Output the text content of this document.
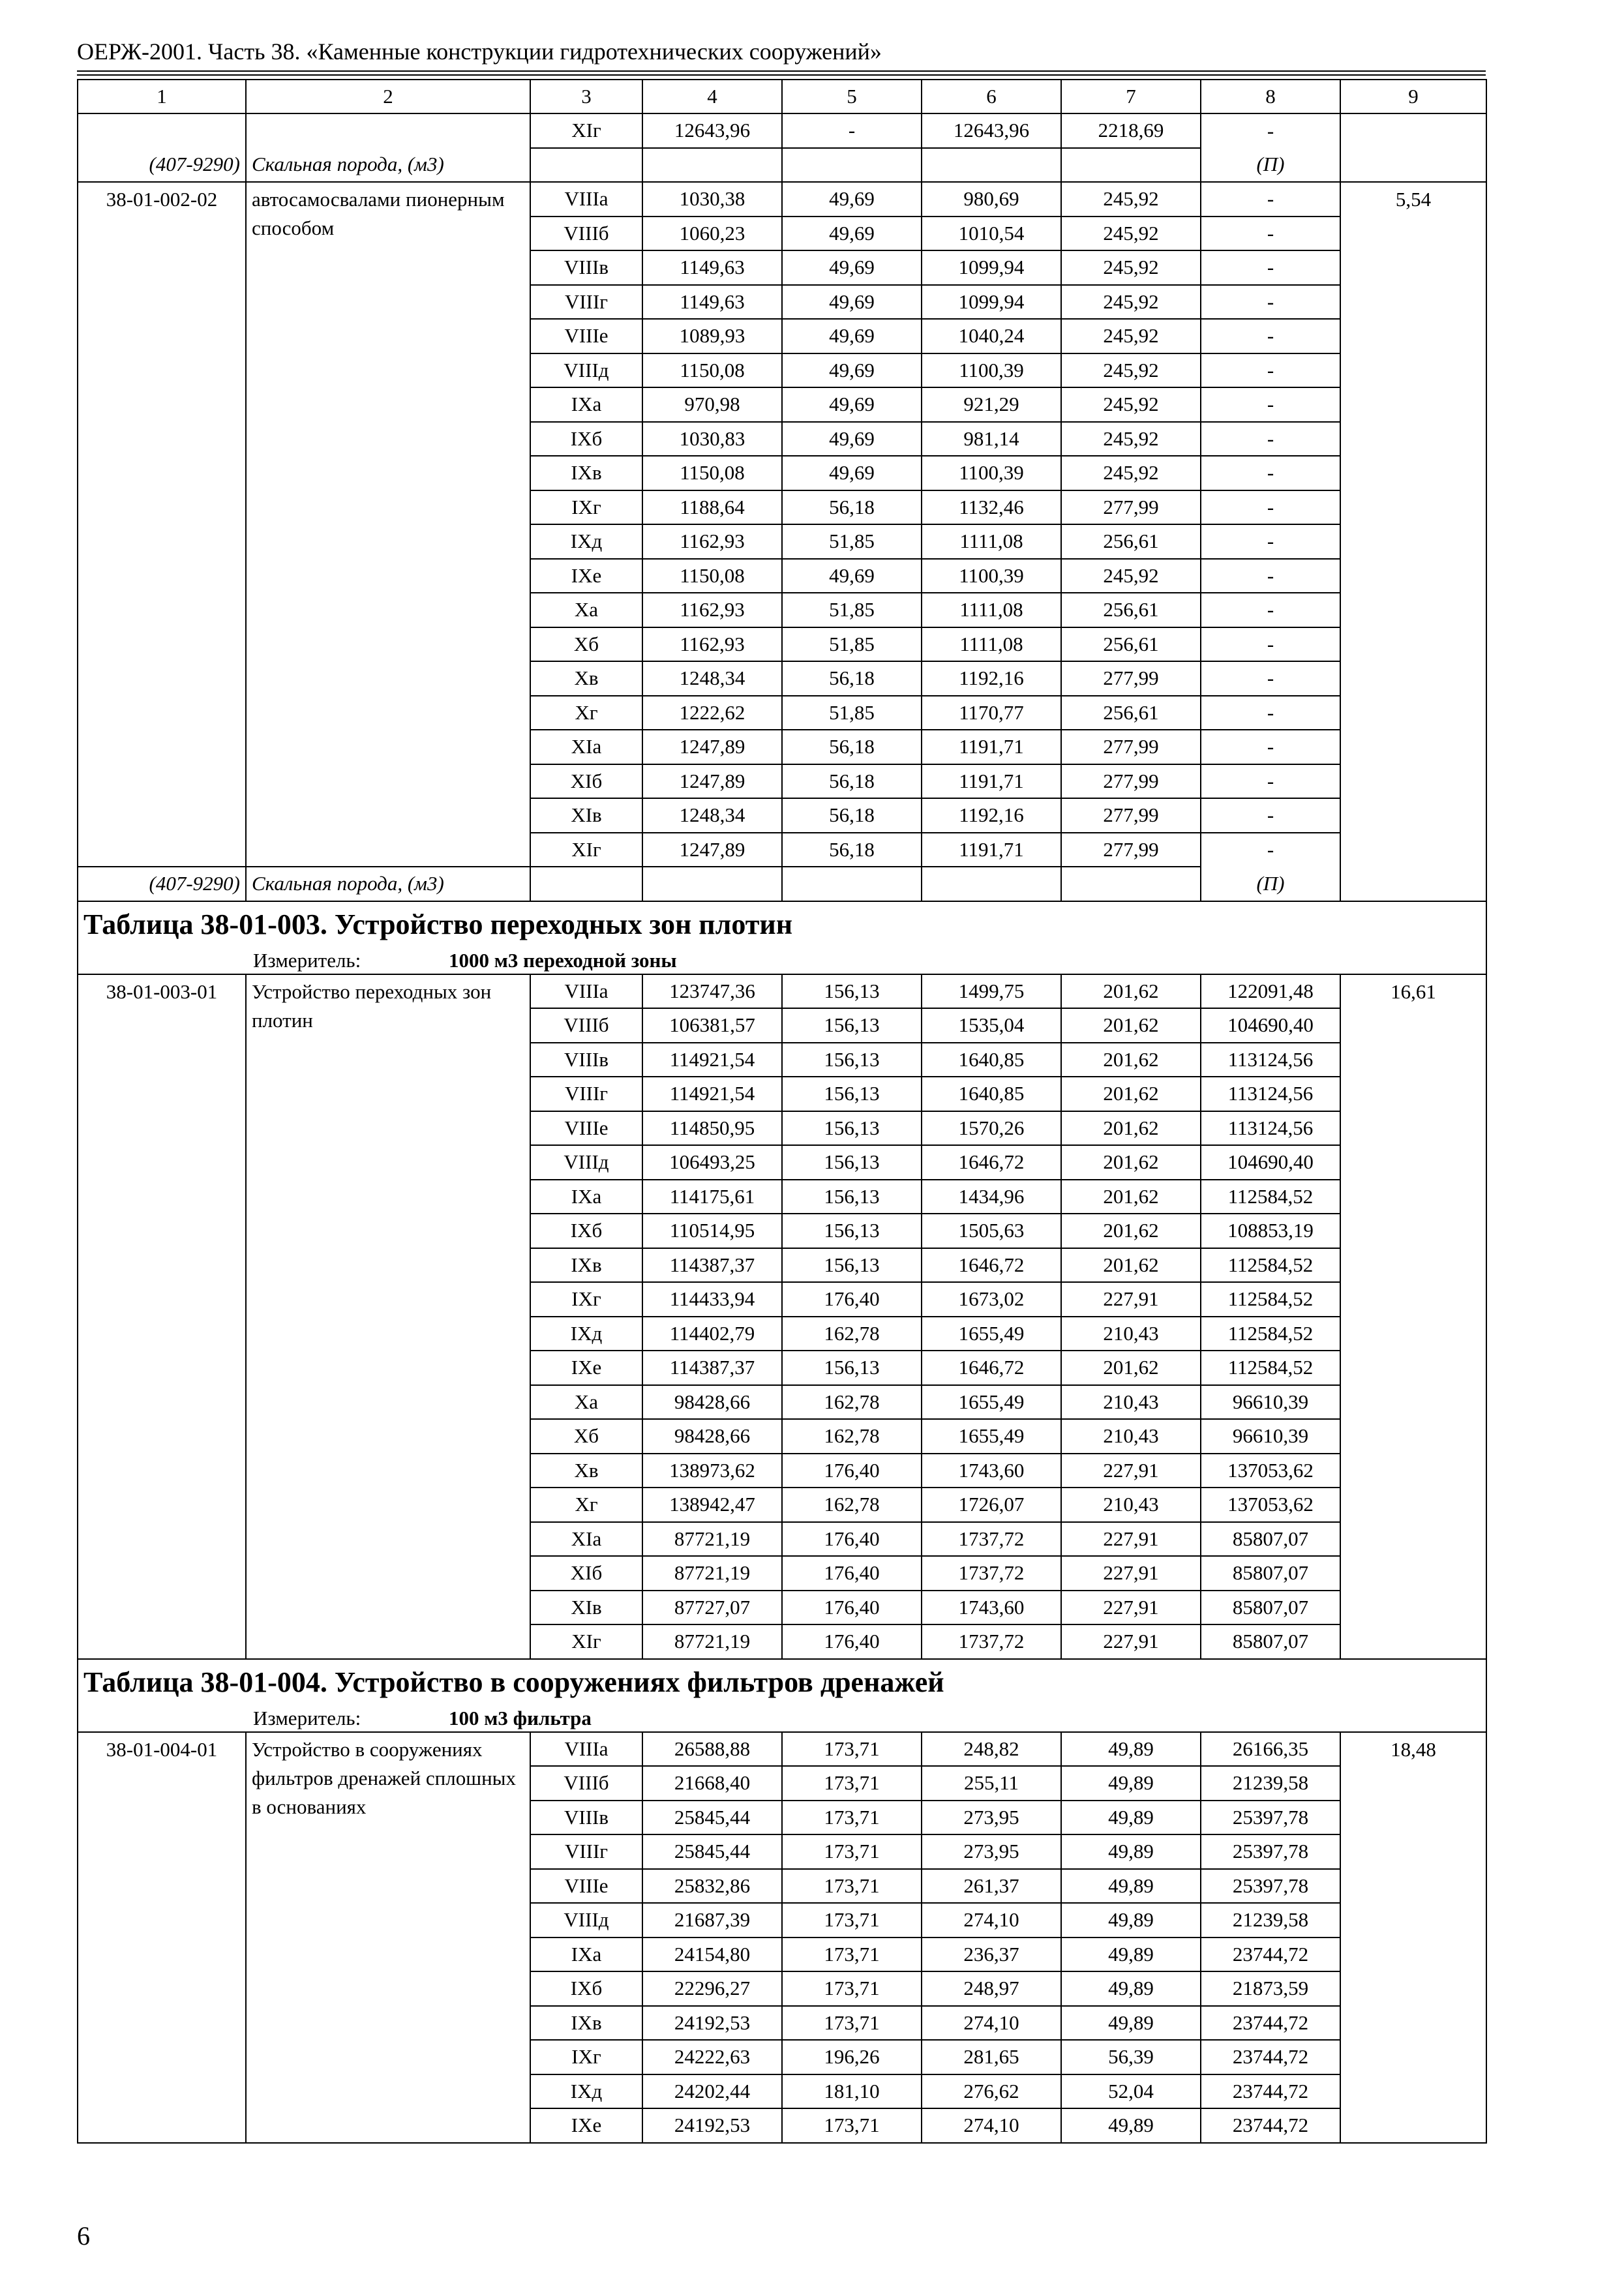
ОЕРЖ-2001. Часть 38. «Каменные конструкции гидротехнических сооружений»
1	2	3	4	5	6	7	8	9
		XIг	12643,96	-	12643,96	2218,69	-	
(407-9290)	Скальная порода, (м3)						(П)	
38-01-002-02	автосамосвалами пионерным способом	VIIIа	1030,38	49,69	980,69	245,92	-	5,54
		VIIIб	1060,23	49,69	1010,54	245,92	-	
		VIIIв	1149,63	49,69	1099,94	245,92	-	
		VIIIг	1149,63	49,69	1099,94	245,92	-	
		VIIIе	1089,93	49,69	1040,24	245,92	-	
		VIIIд	1150,08	49,69	1100,39	245,92	-	
		IXа	970,98	49,69	921,29	245,92	-	
		IXб	1030,83	49,69	981,14	245,92	-	
		IXв	1150,08	49,69	1100,39	245,92	-	
		IXг	1188,64	56,18	1132,46	277,99	-	
		IXд	1162,93	51,85	1111,08	256,61	-	
		IXе	1150,08	49,69	1100,39	245,92	-	
		Xа	1162,93	51,85	1111,08	256,61	-	
		Xб	1162,93	51,85	1111,08	256,61	-	
		Xв	1248,34	56,18	1192,16	277,99	-	
		Xг	1222,62	51,85	1170,77	256,61	-	
		XIа	1247,89	56,18	1191,71	277,99	-	
		XIб	1247,89	56,18	1191,71	277,99	-	
		XIв	1248,34	56,18	1192,16	277,99	-	
		XIг	1247,89	56,18	1191,71	277,99	-	
(407-9290)	Скальная порода, (м3)						(П)	
Таблица 38-01-003. Устройство переходных зон плотин								
Измеритель: 1000 м3 переходной зоны								
38-01-003-01	Устройство переходных зон плотин	VIIIа	123747,36	156,13	1499,75	201,62	122091,48	16,61
		VIIIб	106381,57	156,13	1535,04	201,62	104690,40	
		VIIIв	114921,54	156,13	1640,85	201,62	113124,56	
		VIIIг	114921,54	156,13	1640,85	201,62	113124,56	
		VIIIе	114850,95	156,13	1570,26	201,62	113124,56	
		VIIIд	106493,25	156,13	1646,72	201,62	104690,40	
		IXа	114175,61	156,13	1434,96	201,62	112584,52	
		IXб	110514,95	156,13	1505,63	201,62	108853,19	
		IXв	114387,37	156,13	1646,72	201,62	112584,52	
		IXг	114433,94	176,40	1673,02	227,91	112584,52	
		IXд	114402,79	162,78	1655,49	210,43	112584,52	
		IXе	114387,37	156,13	1646,72	201,62	112584,52	
		Xа	98428,66	162,78	1655,49	210,43	96610,39	
		Xб	98428,66	162,78	1655,49	210,43	96610,39	
		Xв	138973,62	176,40	1743,60	227,91	137053,62	
		Xг	138942,47	162,78	1726,07	210,43	137053,62	
		XIа	87721,19	176,40	1737,72	227,91	85807,07	
		XIб	87721,19	176,40	1737,72	227,91	85807,07	
		XIв	87727,07	176,40	1743,60	227,91	85807,07	
		XIг	87721,19	176,40	1737,72	227,91	85807,07	
Таблица 38-01-004. Устройство в сооружениях фильтров дренажей								
Измеритель: 100 м3 фильтра								
38-01-004-01	Устройство в сооружениях фильтров дренажей сплошных в основаниях	VIIIа	26588,88	173,71	248,82	49,89	26166,35	18,48
		VIIIб	21668,40	173,71	255,11	49,89	21239,58	
		VIIIв	25845,44	173,71	273,95	49,89	25397,78	
		VIIIг	25845,44	173,71	273,95	49,89	25397,78	
		VIIIе	25832,86	173,71	261,37	49,89	25397,78	
		VIIIд	21687,39	173,71	274,10	49,89	21239,58	
		IXа	24154,80	173,71	236,37	49,89	23744,72	
		IXб	22296,27	173,71	248,97	49,89	21873,59	
		IXв	24192,53	173,71	274,10	49,89	23744,72	
		IXг	24222,63	196,26	281,65	56,39	23744,72	
		IXд	24202,44	181,10	276,62	52,04	23744,72	
		IXе	24192,53	173,71	274,10	49,89	23744,72	
6
